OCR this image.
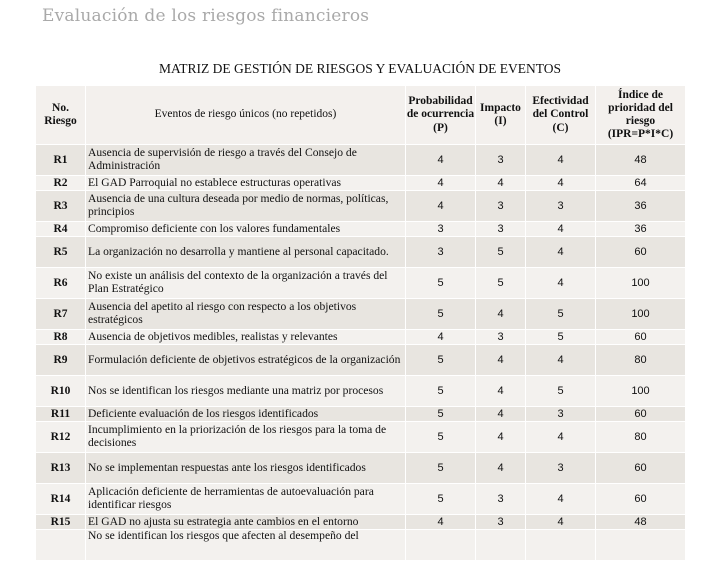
Evaluación de los riesgos financieros
MATRIZ DE GESTIÓN DE RIESGOS Y EVALUACIÓN DE EVENTOS
No. Riesgo	Eventos de riesgo únicos (no repetidos)	Probabilidad de ocurrencia (P)	Impacto (I)	Efectividad del Control (C)	Índice de prioridad del riesgo (IPR=P*I*C)
R1	Ausencia de supervisión de riesgo a través del Consejo de Administración	4	3	4	48
R2	El GAD Parroquial no establece estructuras operativas	4	4	4	64
R3	Ausencia de una cultura deseada por medio de normas, políticas, principios	4	3	3	36
R4	Compromiso deficiente con los valores fundamentales	3	3	4	36
R5	La organización no desarrolla y mantiene al personal capacitado.	3	5	4	60
R6	No existe un análisis del contexto de la organización a través del Plan Estratégico	5	5	4	100
R7	Ausencia del apetito al riesgo con respecto a los objetivos estratégicos	5	4	5	100
R8	Ausencia de objetivos medibles, realistas y relevantes	4	3	5	60
R9	Formulación deficiente de objetivos estratégicos de la organización	5	4	4	80
R10	Nos se identifican los riesgos mediante una matriz por procesos	5	4	5	100
R11	Deficiente evaluación de los riesgos identificados	5	4	3	60
R12	Incumplimiento en la priorización de los riesgos para la toma de decisiones	5	4	4	80
R13	No se implementan respuestas ante los riesgos identificados	5	4	3	60
R14	Aplicación deficiente de herramientas de autoevaluación para identificar riesgos	5	3	4	60
R15	El GAD no ajusta su estrategia ante cambios en el entorno	4	3	4	48
	No se identifican los riesgos que afecten al desempeño del				
